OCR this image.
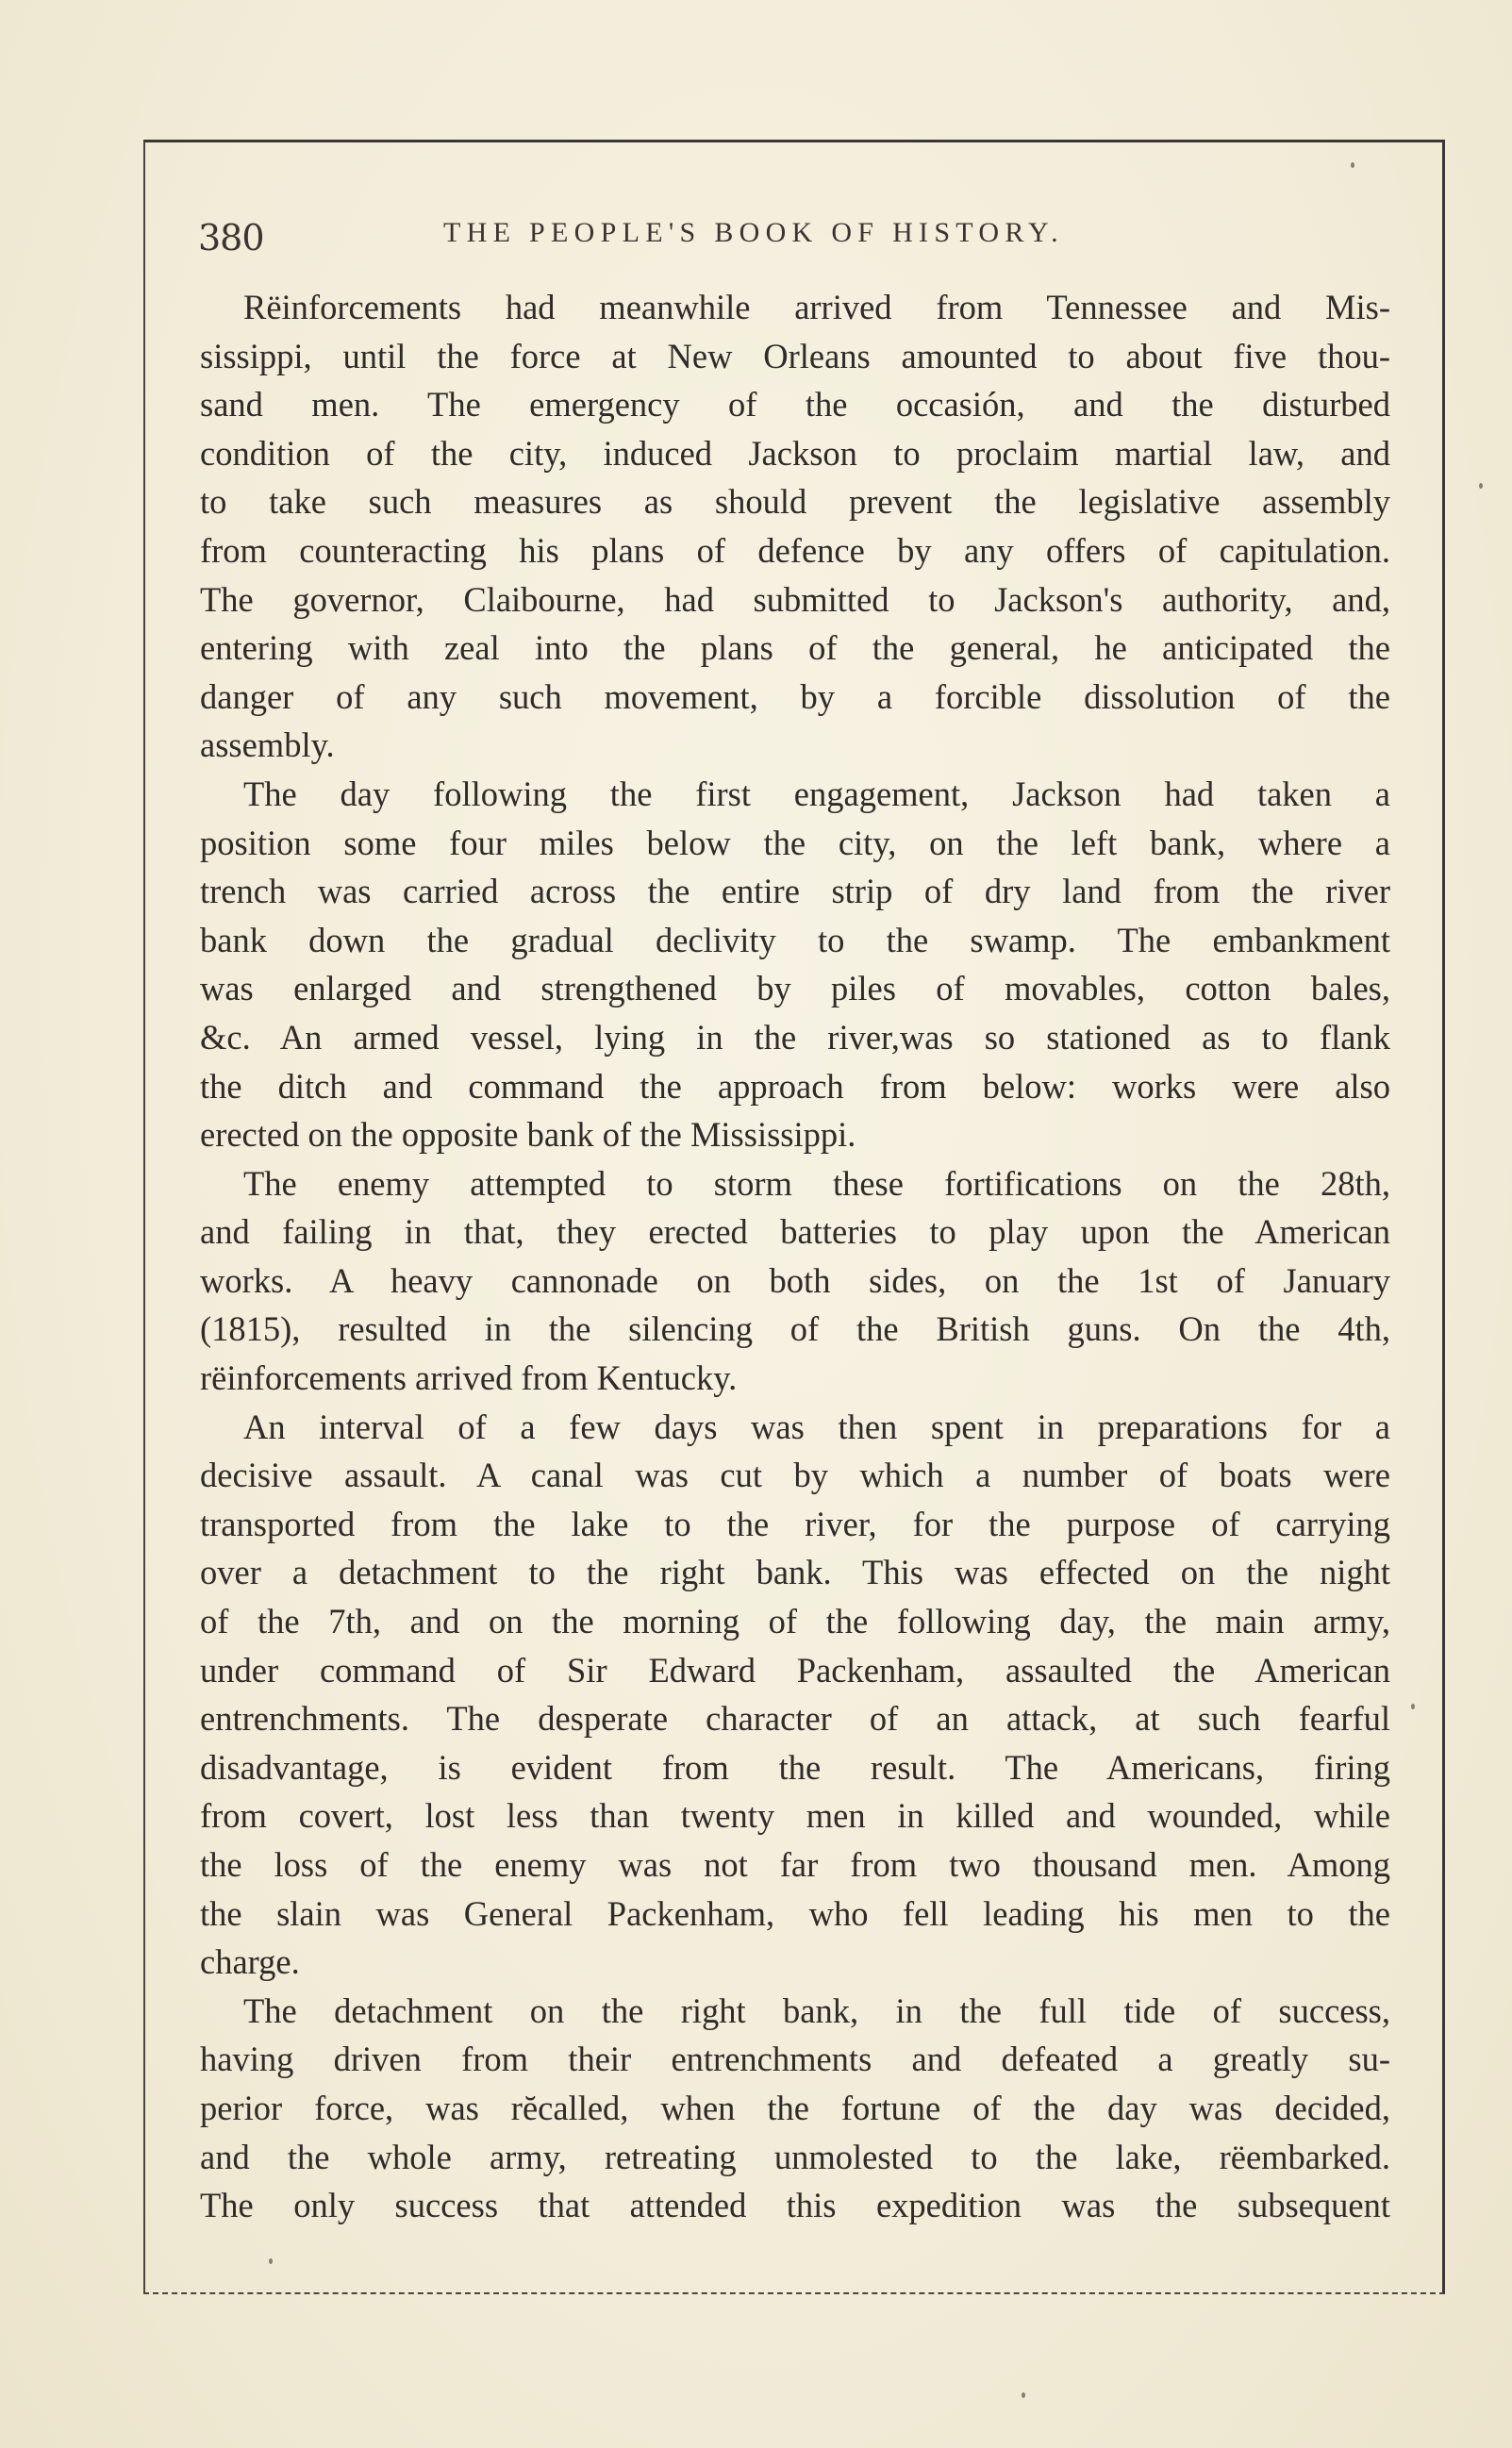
380	THE PEOPLE'S BOOK OF HISTORY.
Rëinforcements had meanwhile arrived from Tennessee and Mis-
sissippi, until the force at New Orleans amounted to about five thou-
sand men. The emergency of the occasión, and the disturbed
condition of the city, induced Jackson to proclaim martial law, and
to take such measures as should prevent the legislative assembly
from counteracting his plans of defence by any offers of capitulation.
The governor, Claibourne, had submitted to Jackson's authority, and,
entering with zeal into the plans of the general, he anticipated the
danger of any such movement, by a forcible dissolution of the
assembly.
The day following the first engagement, Jackson had taken a
position some four miles below the city, on the left bank, where a
trench was carried across the entire strip of dry land from the river
bank down the gradual declivity to the swamp. The embankment
was enlarged and strengthened by piles of movables, cotton bales,
&c. An armed vessel, lying in the river,was so stationed as to flank
the ditch and command the approach from below: works were also
erected on the opposite bank of the Mississippi.
The enemy attempted to storm these fortifications on the 28th,
and failing in that, they erected batteries to play upon the American
works. A heavy cannonade on both sides, on the 1st of January
(1815), resulted in the silencing of the British guns. On the 4th,
rëinforcements arrived from Kentucky.
An interval of a few days was then spent in preparations for a
decisive assault. A canal was cut by which a number of boats were
transported from the lake to the river, for the purpose of carrying
over a detachment to the right bank. This was effected on the night
of the 7th, and on the morning of the following day, the main army,
under command of Sir Edward Packenham, assaulted the American
entrenchments. The desperate character of an attack, at such fearful
disadvantage, is evident from the result. The Americans, firing
from covert, lost less than twenty men in killed and wounded, while
the loss of the enemy was not far from two thousand men. Among
the slain was General Packenham, who fell leading his men to the
charge.
The detachment on the right bank, in the full tide of success,
having driven from their entrenchments and defeated a greatly su-
perior force, was rĕcalled, when the fortune of the day was decided,
and the whole army, retreating unmolested to the lake, rëembarked.
The only success that attended this expedition was the subsequent
